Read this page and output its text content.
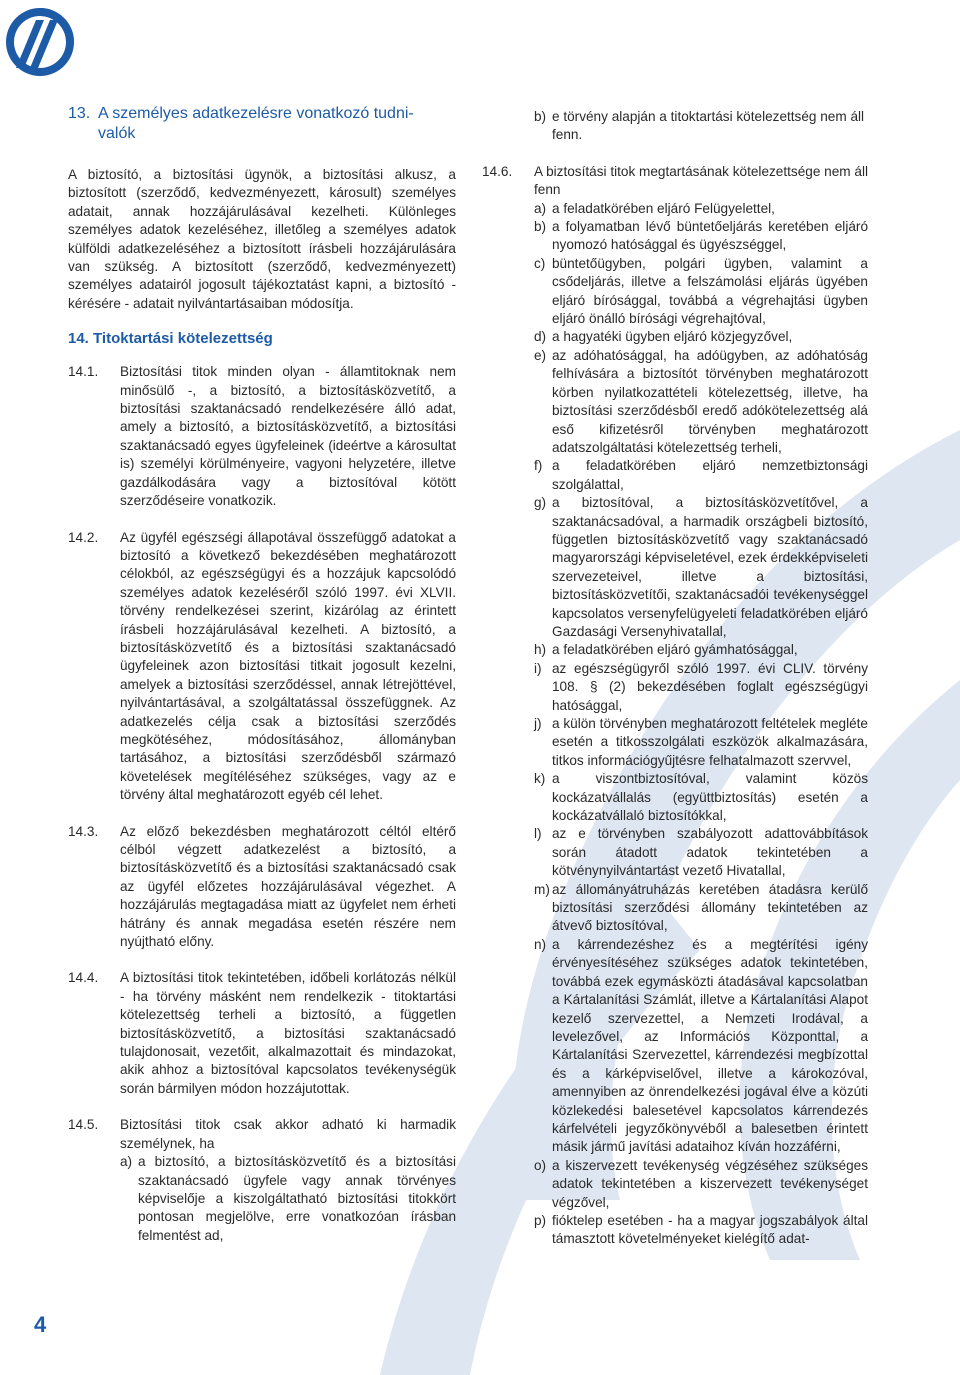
4
13. A személyes adatkezelésre vonatkozó tudni-
valók

A biztosító, a biztosítási ügynök, a biztosítási alkusz, a biztosított (szerződő, kedvezményezett, károsult) személyes adatait, annak hozzájárulásával kezelheti. Különleges személyes adatok kezeléséhez, illetőleg a személyes adatok külföldi adatkezeléséhez a biztosított írásbeli hozzájárulására van szükség. A biztosított (szerződő, kedvezményezett) személyes adatairól jogosult tájékoztatást kapni, a biztosító - kérésére - adatait nyilvántartásaiban módosítja.

14. Titoktartási kötelezettség
14.1.	Biztosítási titok minden olyan - államtitoknak nem minősülő -, a biztosító, a biztosításközvetítő, a biztosítási szaktanácsadó rendelkezésére álló adat, amely a biztosító, a biztosításközvetítő, a biztosítási szaktanácsadó egyes ügyfeleinek (ideértve a károsultat is) személyi körülményeire, vagyoni helyzetére, illetve gazdálkodására vagy a biztosítóval kötött szerződéseire vonatkozik.
14.2.	Az ügyfél egészségi állapotával összefüggő adatokat a biztosító a következő bekezdésében meghatározott célokból, az egészségügyi és a hozzájuk kapcsolódó személyes adatok kezeléséről szóló 1997. évi XLVII. törvény rendelkezései szerint, kizárólag az érintett írásbeli hozzájárulásával kezelheti. A biztosító, a biztosításközvetítő és a biztosítási szaktanácsadó ügyfeleinek azon biztosítási titkait jogosult kezelni, amelyek a biztosítási szerződéssel, annak létrejöttével, nyilvántartásával, a szolgáltatással összefüggnek. Az adatkezelés célja csak a biztosítási szerződés megkötéséhez, módosításához, állományban tartásához, a biztosítási szerződésből származó követelések megítéléséhez szükséges, vagy az e törvény által meghatározott egyéb cél lehet.
14.3.	Az előző bekezdésben meghatározott céltól eltérő célból végzett adatkezelést a biztosító, a biztosításközvetítő és a biztosítási szaktanácsadó csak az ügyfél előzetes hozzájárulásával végezhet. A hozzájárulás megtagadása miatt az ügyfelet nem érheti hátrány és annak megadása esetén részére nem nyújtható előny.
14.4.	A biztosítási titok tekintetében, időbeli korlátozás nélkül - ha törvény másként nem rendelkezik - titoktartási kötelezettség terheli a biztosító, a független biztosításközvetítő, a biztosítási szaktanácsadó tulajdonosait, vezetőit, alkalmazottait és mindazokat, akik ahhoz a biztosítóval kapcsolatos tevékenységük során bármilyen módon hozzájutottak.
14.5.	Biztosítási titok csak akkor adható ki harmadik személynek, ha
a) a biztosító, a biztosításközvetítő és a biztosítási szaktanácsadó ügyfele vagy annak törvényes képviselője a kiszolgáltatható biztosítási titokkört pontosan megjelölve, erre vonatkozóan írásban felmentést ad,
b) e törvény alapján a titoktartási kötelezettség nem áll fenn.
14.6.	A biztosítási titok megtartásának kötelezettsége nem áll fenn
a) a feladatkörében eljáró Felügyelettel,
b) a folyamatban lévő büntetőeljárás keretében eljáró nyomozó hatósággal és ügyészséggel,
c) büntetőügyben, polgári ügyben, valamint a csődeljárás, illetve a felszámolási eljárás ügyében eljáró bírósággal, továbbá a végrehajtási ügyben eljáró önálló bírósági végrehajtóval,
d) a hagyatéki ügyben eljáró közjegyzővel,
e) az adóhatósággal, ha adóügyben, az adóhatóság felhívására a biztosítót törvényben meghatározott körben nyilatkozattételi kötelezettség, illetve, ha biztosítási szerződésből eredő adókötelezettség alá eső kifizetésről törvényben meghatározott adatszolgáltatási kötelezettség terheli,
f) a feladatkörében eljáró nemzetbiztonsági szolgálattal,
g) a biztosítóval, a biztosításközvetítővel, a szaktanácsadóval, a harmadik országbeli biztosító, független biztosításközvetítő vagy szaktanácsadó magyarországi képviseletével, ezek érdekképviseleti szervezeteivel, illetve a biztosítási, biztosításközvetítői, szaktanácsadói tevékenységgel kapcsolatos versenyfelügyeleti feladatkörében eljáró Gazdasági Versenyhivatallal,
h) a feladatkörében eljáró gyámhatósággal,
i) az egészségügyről szóló 1997. évi CLIV. törvény 108. § (2) bekezdésében foglalt egészségügyi hatósággal,
j) a külön törvényben meghatározott feltételek megléte esetén a titkosszolgálati eszközök alkalmazására, titkos információgyűjtésre felhatalmazott szervvel,
k) a viszontbiztosítóval, valamint közös kockázatvállalás (együttbiztosítás) esetén a kockázatvállaló biztosítókkal,
l) az e törvényben szabályozott adattovábbítások során átadott adatok tekintetében a kötvénynyilvántartást vezető Hivatallal,
m) az állományátruházás keretében átadásra kerülő biztosítási szerződési állomány tekintetében az átvevő biztosítóval,
n) a kárrendezéshez és a megtérítési igény érvényesítéséhez szükséges adatok tekintetében, továbbá ezek egymásközti átadásával kapcsolatban a Kártalanítási Számlát, illetve a Kártalanítási Alapot kezelő szervezettel, a Nemzeti Irodával, a levelezővel, az Információs Központtal, a Kártalanítási Szervezettel, kárrendezési megbízottal és a kárképviselővel, illetve a károkozóval, amennyiben az önrendelkezési jogával élve a közúti közlekedési balesetével kapcsolatos kárrendezés kárfelvételi jegyzőkönyvéből a balesetben érintett másik jármű javítási adataihoz kíván hozzáférni,
o) a kiszervezett tevékenység végzéséhez szükséges adatok tekintetében a kiszervezett tevékenységet végzővel,
p) fióktelep esetében - ha a magyar jogszabályok által támasztott követelményeket kielégítő adat-
